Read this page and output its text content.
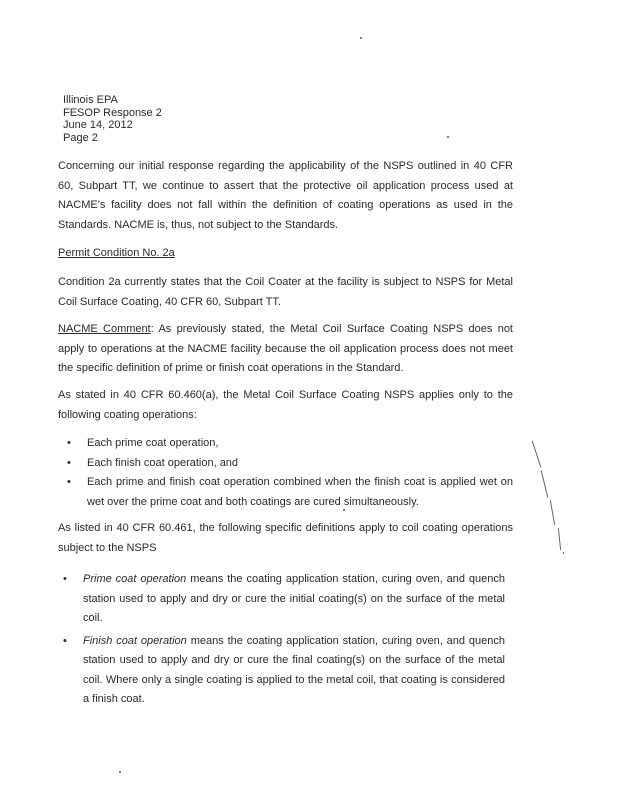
Illinois EPA
FESOP Response 2
June 14, 2012
Page 2
Concerning our initial response regarding the applicability of the NSPS outlined in 40 CFR 60, Subpart TT, we continue to assert that the protective oil application process used at NACME's facility does not fall within the definition of coating operations as used in the Standards. NACME is, thus, not subject to the Standards.
Permit Condition No. 2a
Condition 2a currently states that the Coil Coater at the facility is subject to NSPS for Metal Coil Surface Coating, 40 CFR 60, Subpart TT.
NACME Comment: As previously stated, the Metal Coil Surface Coating NSPS does not apply to operations at the NACME facility because the oil application process does not meet the specific definition of prime or finish coat operations in the Standard.
As stated in 40 CFR 60.460(a), the Metal Coil Surface Coating NSPS applies only to the following coating operations:
• Each prime coat operation,
• Each finish coat operation, and
• Each prime and finish coat operation combined when the finish coat is applied wet on wet over the prime coat and both coatings are cured simultaneously.
As listed in 40 CFR 60.461, the following specific definitions apply to coil coating operations subject to the NSPS
• Prime coat operation means the coating application station, curing oven, and quench station used to apply and dry or cure the initial coating(s) on the surface of the metal coil.
• Finish coat operation means the coating application station, curing oven, and quench station used to apply and dry or cure the final coating(s) on the surface of the metal coil. Where only a single coating is applied to the metal coil, that coating is considered a finish coat.
